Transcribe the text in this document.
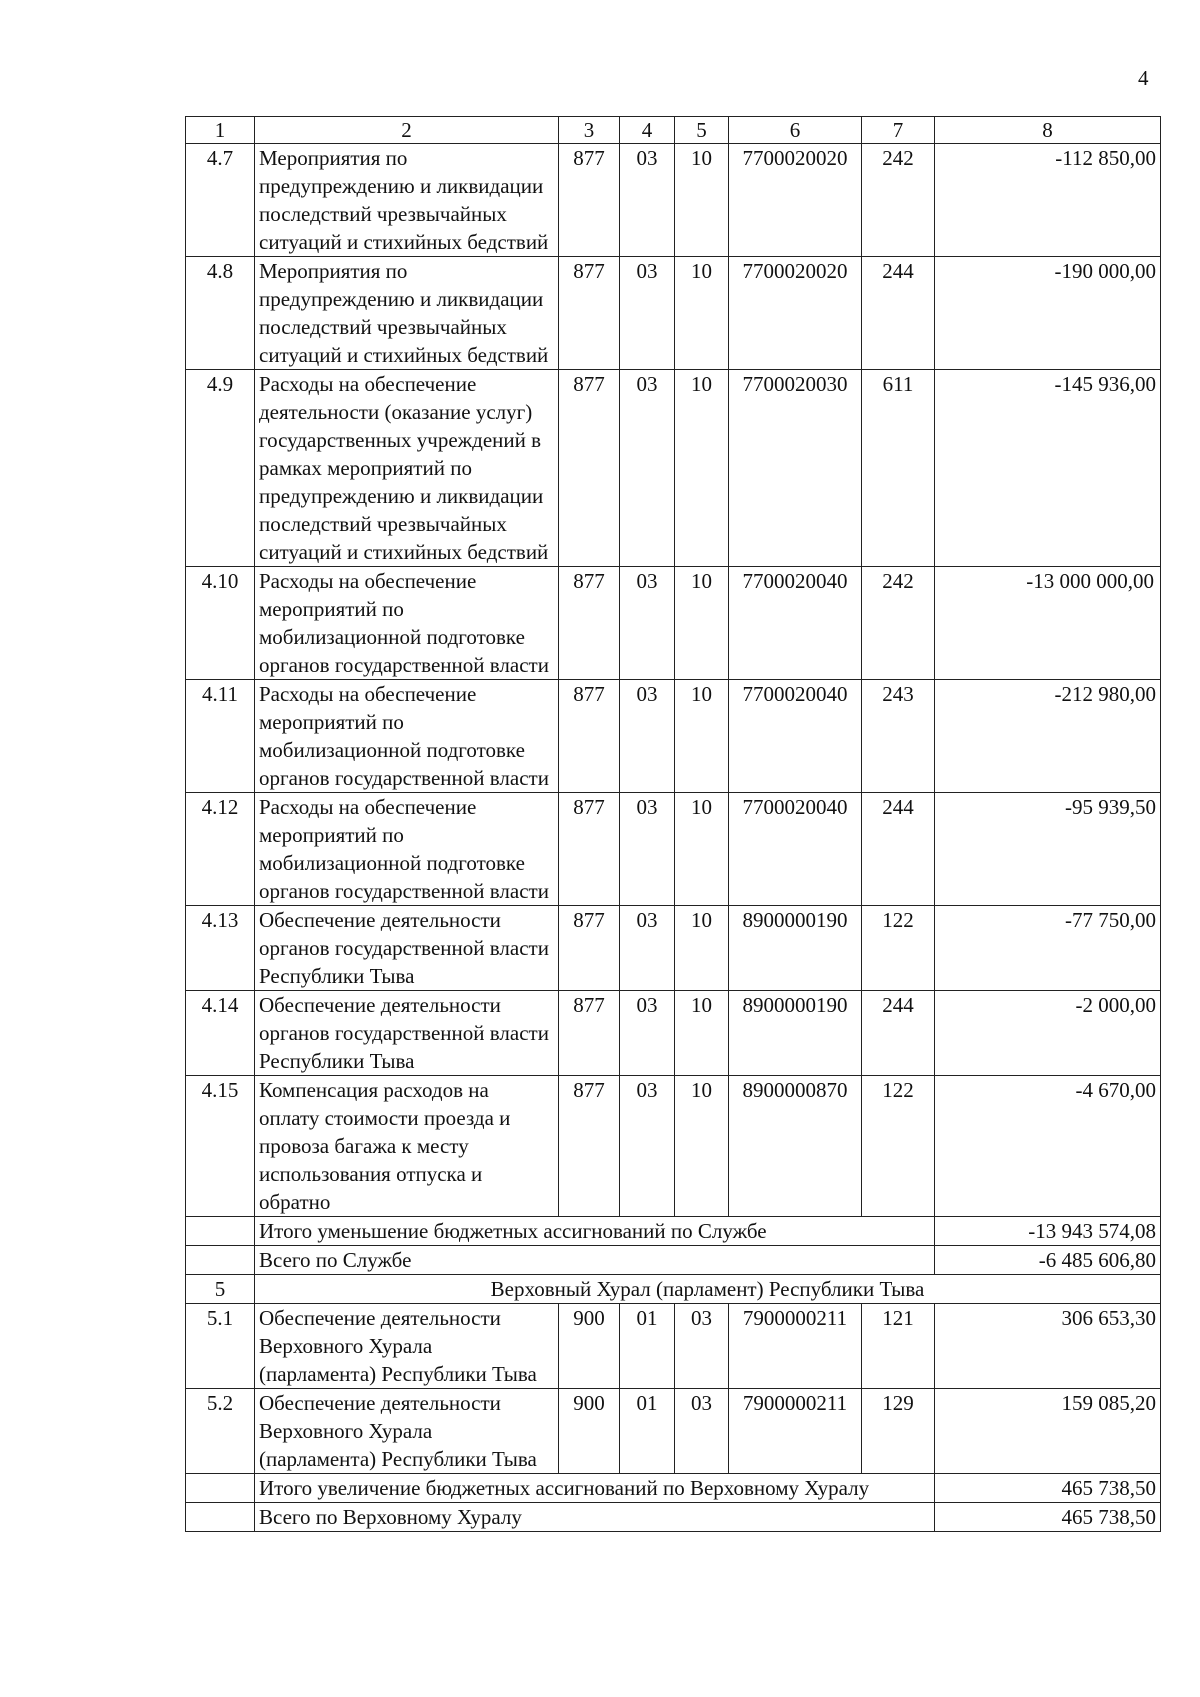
4
1	2	3	4	5	6	7	8
4.7	Мероприятия по предупреждению и ликвидации последствий чрезвычайных ситуаций и стихийных бедствий	877	03	10	7700020020	242	-112 850,00
4.8	Мероприятия по предупреждению и ликвидации последствий чрезвычайных ситуаций и стихийных бедствий	877	03	10	7700020020	244	-190 000,00
4.9	Расходы на обеспечение деятельности (оказание услуг) государственных учреждений в рамках мероприятий по предупреждению и ликвидации последствий чрезвычайных ситуаций и стихийных бедствий	877	03	10	7700020030	611	-145 936,00
4.10	Расходы на обеспечение мероприятий по мобилизационной подготовке органов государственной власти	877	03	10	7700020040	242	-13 000 000,00
4.11	Расходы на обеспечение мероприятий по мобилизационной подготовке органов государственной власти	877	03	10	7700020040	243	-212 980,00
4.12	Расходы на обеспечение мероприятий по мобилизационной подготовке органов государственной власти	877	03	10	7700020040	244	-95 939,50
4.13	Обеспечение деятельности органов государственной власти Республики Тыва	877	03	10	8900000190	122	-77 750,00
4.14	Обеспечение деятельности органов государственной власти Республики Тыва	877	03	10	8900000190	244	-2 000,00
4.15	Компенсация расходов на оплату стоимости проезда и провоза багажа к месту использования отпуска и обратно	877	03	10	8900000870	122	-4 670,00
	Итого уменьшение бюджетных ассигнований по Службе						-13 943 574,08
	Всего по Службе						-6 485 606,80
5	Верховный Хурал (парламент) Республики Тыва						
5.1	Обеспечение деятельности Верховного Хурала (парламента) Республики Тыва	900	01	03	7900000211	121	306 653,30
5.2	Обеспечение деятельности Верховного Хурала (парламента) Республики Тыва	900	01	03	7900000211	129	159 085,20
	Итого увеличение бюджетных ассигнований по Верховному Хуралу						465 738,50
	Всего по Верховному Хуралу						465 738,50
